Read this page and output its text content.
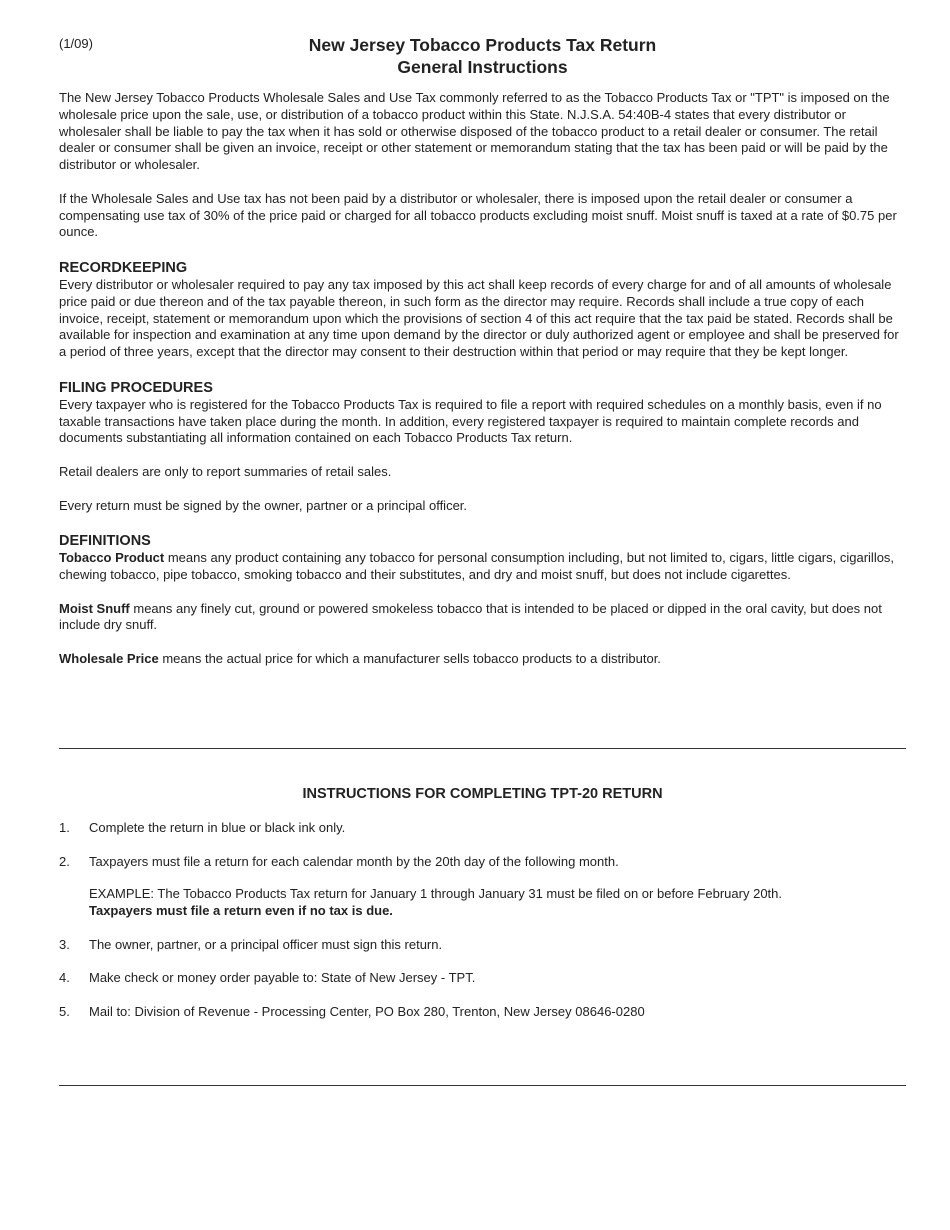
(1/09)	New Jersey Tobacco Products Tax Return
General Instructions

The New Jersey Tobacco Products Wholesale Sales and Use Tax commonly referred to as the Tobacco Products Tax or "TPT" is imposed on the wholesale price upon the sale, use, or distribution of a tobacco product within this State. N.J.S.A. 54:40B-4 states that every distributor or wholesaler shall be liable to pay the tax when it has sold or otherwise disposed of the tobacco product to a retail dealer or consumer. The retail dealer or consumer shall be given an invoice, receipt or other statement or memorandum stating that the tax has been paid or will be paid by the distributor or wholesaler.

If the Wholesale Sales and Use tax has not been paid by a distributor or wholesaler, there is imposed upon the retail dealer or consumer a compensating use tax of 30% of the price paid or charged for all tobacco products excluding moist snuff. Moist snuff is taxed at a rate of $0.75 per ounce.

RECORDKEEPING

Every distributor or wholesaler required to pay any tax imposed by this act shall keep records of every charge for and of all amounts of wholesale price paid or due thereon and of the tax payable thereon, in such form as the director may require. Records shall include a true copy of each invoice, receipt, statement or memorandum upon which the provisions of section 4 of this act require that the tax paid be stated. Records shall be available for inspection and examination at any time upon demand by the director or duly authorized agent or employee and shall be preserved for a period of three years, except that the director may consent to their destruction within that period or may require that they be kept longer.

FILING PROCEDURES

Every taxpayer who is registered for the Tobacco Products Tax is required to file a report with required schedules on a monthly basis, even if no taxable transactions have taken place during the month. In addition, every registered taxpayer is required to maintain complete records and documents substantiating all information contained on each Tobacco Products Tax return.

Retail dealers are only to report summaries of retail sales.

Every return must be signed by the owner, partner or a principal officer.

DEFINITIONS

Tobacco Product means any product containing any tobacco for personal consumption including, but not limited to, cigars, little cigars, cigarillos, chewing tobacco, pipe tobacco, smoking tobacco and their substitutes, and dry and moist snuff, but does not include cigarettes.

Moist Snuff means any finely cut, ground or powered smokeless tobacco that is intended to be placed or dipped in the oral cavity, but does not include dry snuff.

Wholesale Price means the actual price for which a manufacturer sells tobacco products to a distributor.

INSTRUCTIONS FOR COMPLETING TPT-20 RETURN
1. Complete the return in blue or black ink only.
2. Taxpayers must file a return for each calendar month by the 20th day of the following month.
EXAMPLE: The Tobacco Products Tax return for January 1 through January 31 must be filed on or before February 20th.
Taxpayers must file a return even if no tax is due.
3. The owner, partner, or a principal officer must sign this return.
4. Make check or money order payable to: State of New Jersey - TPT.
5. Mail to: Division of Revenue - Processing Center, PO Box 280, Trenton, New Jersey 08646-0280
